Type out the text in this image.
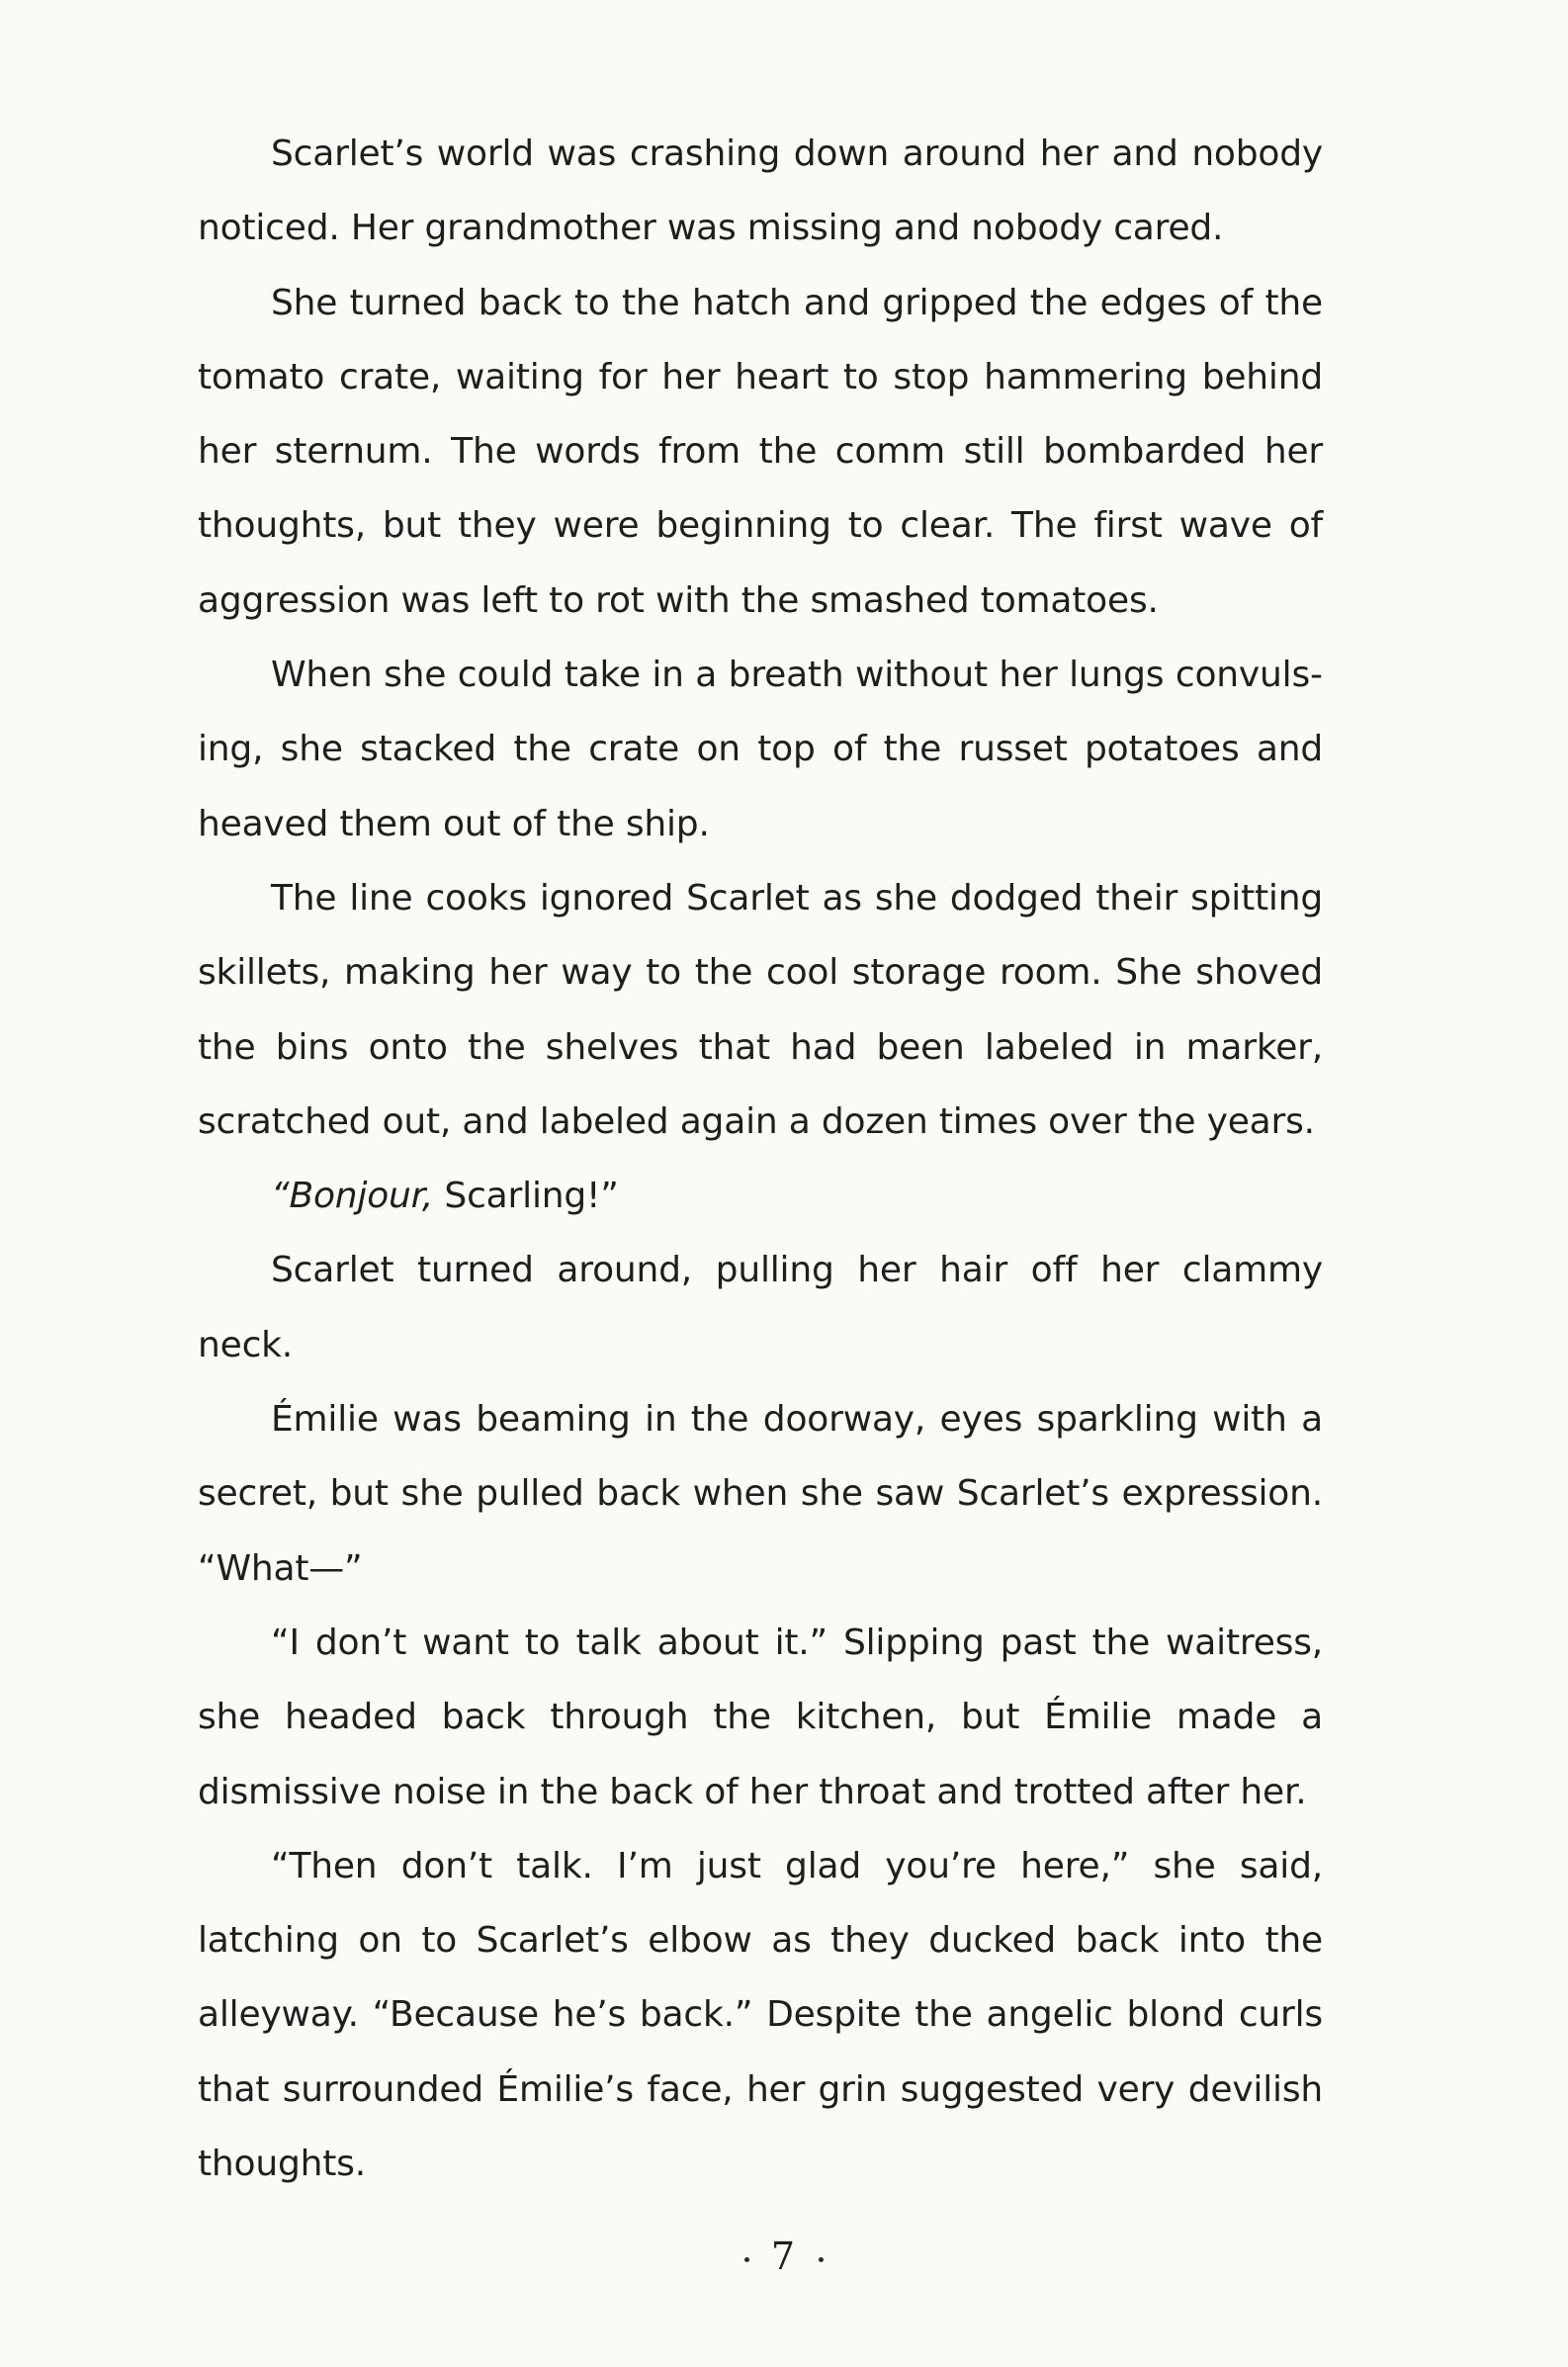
Scarlet’s world was crashing down around her and nobody noticed. Her grandmother was missing and nobody cared.

She turned back to the hatch and gripped the edges of the tomato crate, waiting for her heart to stop hammering behind her sternum. The words from the comm still bombarded her thoughts, but they were beginning to clear. The first wave of aggression was left to rot with the smashed tomatoes.

When she could take in a breath without her lungs convulsing, she stacked the crate on top of the russet potatoes and heaved them out of the ship.

The line cooks ignored Scarlet as she dodged their spitting skillets, making her way to the cool storage room. She shoved the bins onto the shelves that had been labeled in marker, scratched out, and labeled again a dozen times over the years.

“Bonjour, Scarling!”

Scarlet turned around, pulling her hair off her clammy neck.

Émilie was beaming in the doorway, eyes sparkling with a secret, but she pulled back when she saw Scarlet’s expression. “What—”

“I don’t want to talk about it.” Slipping past the waitress, she headed back through the kitchen, but Émilie made a dismissive noise in the back of her throat and trotted after her.

“Then don’t talk. I’m just glad you’re here,” she said, latching on to Scarlet’s elbow as they ducked back into the alleyway. “Because he’s back.” Despite the angelic blond curls that surrounded Émilie’s face, her grin suggested very devilish thoughts.

7
